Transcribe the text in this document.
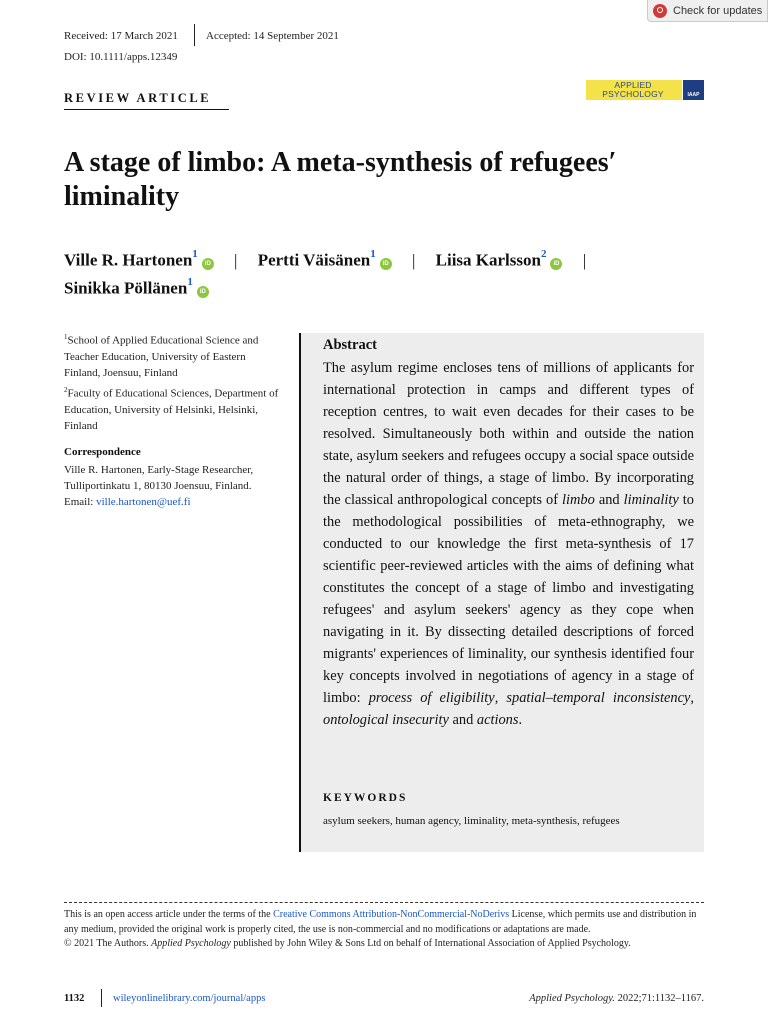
Received: 17 March 2021	Accepted: 14 September 2021
DOI: 10.1111/apps.12349
Check for updates
APPLIED
PSYCHOLOGY	IAAP
REVIEW ARTICLE
A stage of limbo: A meta-synthesis of refugees′ liminality
Ville R. Hartonen$^1$iD | Pertti Väisänen$^1$iD | Liisa Karlsson$^2$iD |
Sinikka Pöllänen$^1$iD
$^1$School of Applied Educational Science and Teacher Education, University of Eastern Finland, Joensuu, Finland
$^2$Faculty of Educational Sciences, Department of Education, University of Helsinki, Helsinki, Finland
Correspondence
Ville R. Hartonen, Early-Stage Researcher, Tulliportinkatu 1, 80130 Joensuu, Finland.
Email: ville.hartonen@uef.fi
Abstract

The asylum regime encloses tens of millions of applicants for international protection in camps and different types of reception centres, to wait even decades for their cases to be resolved. Simultaneously both within and outside the nation state, asylum seekers and refugees occupy a social space outside the natural order of things, a stage of limbo. By incorporating the classical anthropological concepts of limbo and liminality to the methodological possibilities of meta-ethnography, we conducted to our knowledge the first meta-synthesis of 17 scientific peer-reviewed articles with the aims of defining what constitutes the concept of a stage of limbo and investigating refugees' and asylum seekers' agency as they cope when navigating in it. By dissecting detailed descriptions of forced migrants' experiences of liminality, our synthesis identified four key concepts involved in negotiations of agency in a stage of limbo: process of eligibility, spatial–temporal inconsistency, ontological insecurity and actions.

KEYWORDS
asylum seekers, human agency, liminality, meta-synthesis, refugees
This is an open access article under the terms of the Creative Commons Attribution-NonCommercial-NoDerivs License, which permits use and distribution in any medium, provided the original work is properly cited, the use is non-commercial and no modifications or adaptations are made.
© 2021 The Authors. Applied Psychology published by John Wiley & Sons Ltd on behalf of International Association of Applied Psychology.
1132	wileyonlinelibrary.com/journal/apps	Applied Psychology. 2022;71:1132–1167.
